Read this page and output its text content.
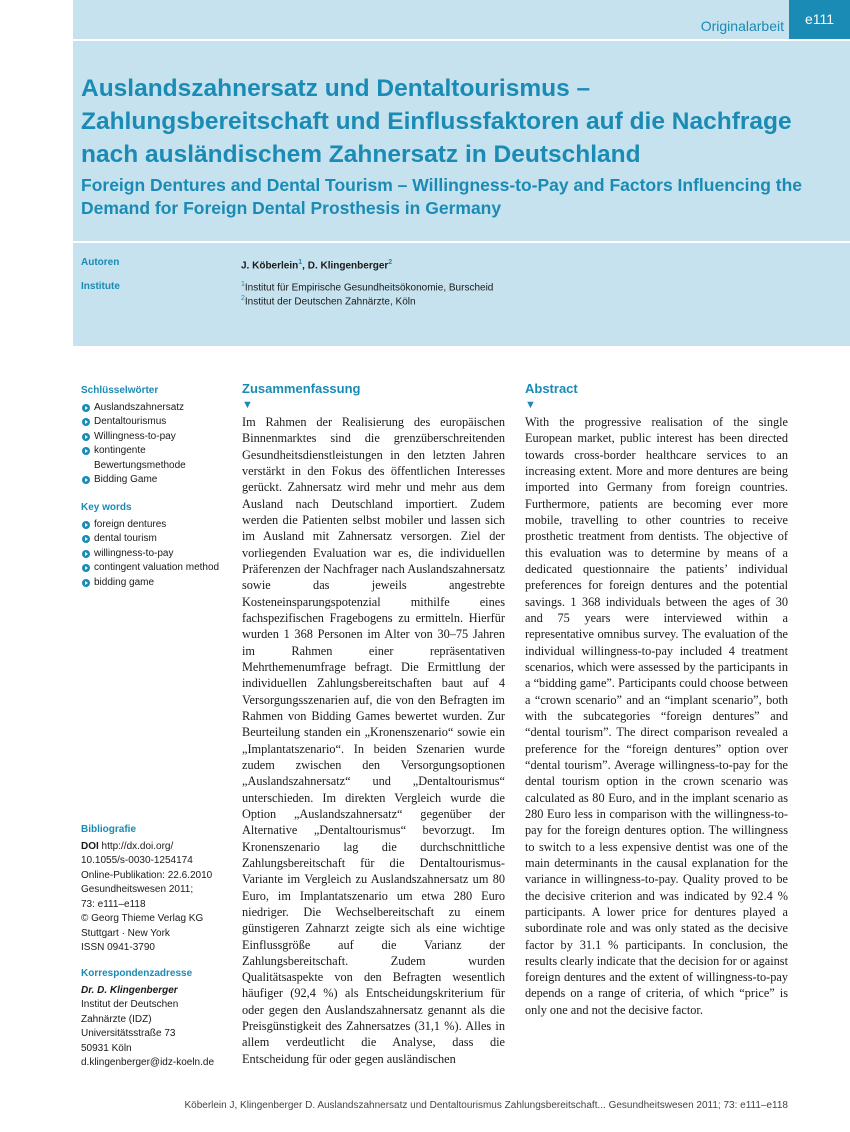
Originalarbeit	e111
Auslandszahnersatz und Dentaltourismus – Zahlungsbereitschaft und Einflussfaktoren auf die Nachfrage nach ausländischem Zahnersatz in Deutschland
Foreign Dentures and Dental Tourism – Willingness-to-Pay and Factors Influencing the Demand for Foreign Dental Prosthesis in Germany
Autoren	J. Köberlein$^1$, D. Klingenberger$^2$
Institute	$^1$Institut für Empirische Gesundheitsökonomie, Burscheid
$^2$Institut der Deutschen Zahnärzte, Köln
Schlüsselwörter
Auslandszahnersatz
Dentaltourismus
Willingness-to-pay
kontingente Bewertungsmethode
Bidding Game
Key words
foreign dentures
dental tourism
willingness-to-pay
contingent valuation method
bidding game
Bibliografie
DOI http://dx.doi.org/
10.1055/s-0030-1254174
Online-Publikation: 22.6.2010
Gesundheitswesen 2011;
73: e111–e118
© Georg Thieme Verlag KG
Stuttgart · New York
ISSN 0941-3790
Korrespondenzadresse
Dr. D. Klingenberger
Institut der Deutschen
Zahnärzte (IDZ)
Universitätsstraße 73
50931 Köln
d.klingenberger@idz-koeln.de
Zusammenfassung
▼

Im Rahmen der Realisierung des europäischen Binnenmarktes sind die grenzüberschreitenden Gesundheitsdienstleistungen in den letzten Jahren verstärkt in den Fokus des öffentlichen Interesses gerückt. Zahnersatz wird mehr und mehr aus dem Ausland nach Deutschland importiert. Zudem werden die Patienten selbst mobiler und lassen sich im Ausland mit Zahnersatz versorgen. Ziel der vorliegenden Evaluation war es, die individuellen Präferenzen der Nachfrager nach Auslandszahnersatz sowie das jeweils angestrebte Kosteneinsparungspotenzial mithilfe eines fachspezifischen Fragebogens zu ermitteln. Hierfür wurden 1 368 Personen im Alter von 30–75 Jahren im Rahmen einer repräsentativen Mehrthemenumfrage befragt. Die Ermittlung der individuellen Zahlungsbereitschaften baut auf 4 Versorgungsszenarien auf, die von den Befragten im Rahmen von Bidding Games bewertet wurden. Zur Beurteilung standen ein „Kronenszenario“ sowie ein „Implantatszenario“. In beiden Szenarien wurde zudem zwischen den Versorgungsoptionen „Auslandszahnersatz“ und „Dentaltourismus“ unterschieden. Im direkten Vergleich wurde die Option „Auslandszahnersatz“ gegenüber der Alternative „Dentaltourismus“ bevorzugt. Im Kronenszenario lag die durchschnittliche Zahlungsbereitschaft für die Dentaltourismus-Variante im Vergleich zu Auslandszahnersatz um 80 Euro, im Implantatszenario um etwa 280 Euro niedriger. Die Wechselbereitschaft zu einem günstigeren Zahnarzt zeigte sich als eine wichtige Einflussgröße auf die Varianz der Zahlungsbereitschaft. Zudem wurden Qualitätsaspekte von den Befragten wesentlich häufiger (92,4 %) als Entscheidungskriterium für oder gegen den Auslandszahnersatz genannt als die Preisgünstigkeit des Zahnersatzes (31,1 %). Alles in allem verdeutlicht die Analyse, dass die Entscheidung für oder gegen ausländischen

Abstract
▼

With the progressive realisation of the single European market, public interest has been directed towards cross-border healthcare services to an increasing extent. More and more dentures are being imported into Germany from foreign countries. Furthermore, patients are becoming ever more mobile, travelling to other countries to receive prosthetic treatment from dentists. The objective of this evaluation was to determine by means of a dedicated questionnaire the patients’ individual preferences for foreign dentures and the potential savings. 1 368 individuals between the ages of 30 and 75 years were interviewed within a representative omnibus survey. The evaluation of the individual willingness-to-pay included 4 treatment scenarios, which were assessed by the participants in a “bidding game”. Participants could choose between a “crown scenario” and an “implant scenario”, both with the subcategories “foreign dentures” and “dental tourism”. The direct comparison revealed a preference for the “foreign dentures” option over “dental tourism”. Average willingness-to-pay for the dental tourism option in the crown scenario was calculated as 80 Euro, and in the implant scenario as 280 Euro less in comparison with the willingness-to-pay for the foreign dentures option. The willingness to switch to a less expensive dentist was one of the main determinants in the causal explanation for the variance in willingness-to-pay. Quality proved to be the decisive criterion and was indicated by 92.4 % participants. A lower price for dentures played a subordinate role and was only stated as the decisive factor by 31.1 % participants. In conclusion, the results clearly indicate that the decision for or against foreign dentures and the extent of willingness-to-pay depends on a range of criteria, of which “price” is only one and not the decisive factor.

Köberlein J, Klingenberger D. Auslandszahnersatz und Dentaltourismus Zahlungsbereitschaft... Gesundheitswesen 2011; 73: e111–e118
